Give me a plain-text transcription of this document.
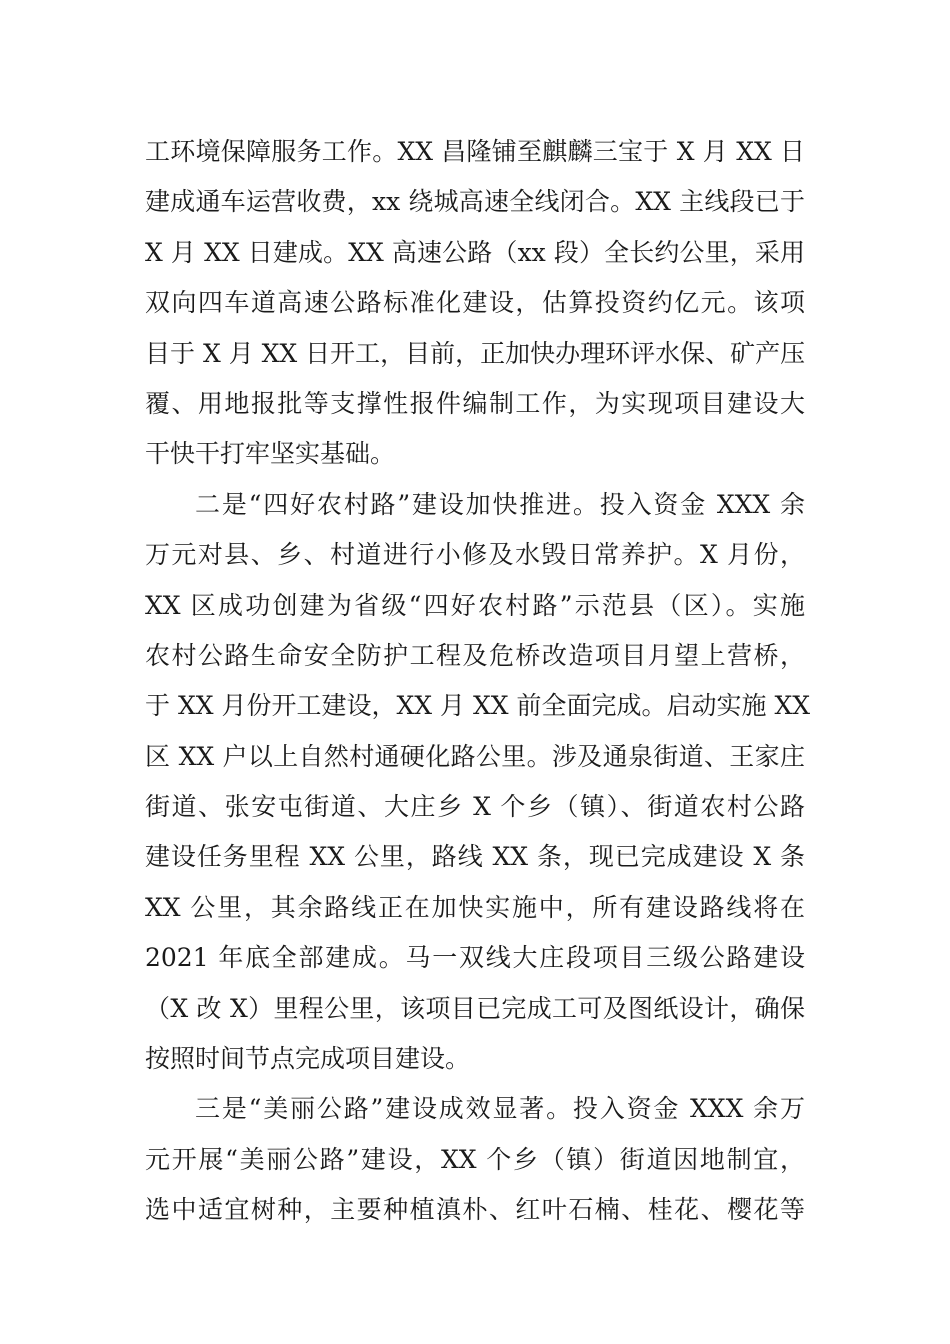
工环境保障服务工作。XX 昌隆铺至麒麟三宝于 X 月 XX 日
建成通车运营收费，xx 绕城高速全线闭合。XX 主线段已于
X 月 XX 日建成。XX 高速公路（xx 段）全长约公里，采用
双向四车道高速公路标准化建设，估算投资约亿元。该项
目于 X 月 XX 日开工，目前，正加快办理环评水保、矿产压
覆、用地报批等支撑性报件编制工作，为实现项目建设大
干快干打牢坚实基础。
二是“四好农村路”建设加快推进。投入资金 XXX 余
万元对县、乡、村道进行小修及水毁日常养护。X 月份，
XX 区成功创建为省级“四好农村路”示范县（区）。实施
农村公路生命安全防护工程及危桥改造项目月望上营桥，
于 XX 月份开工建设，XX 月 XX 前全面完成。启动实施 XX
区 XX 户以上自然村通硬化路公里。涉及通泉街道、王家庄
街道、张安屯街道、大庄乡 X 个乡（镇）、街道农村公路
建设任务里程 XX 公里，路线 XX 条，现已完成建设 X 条
XX 公里，其余路线正在加快实施中，所有建设路线将在
2021 年底全部建成。马一双线大庄段项目三级公路建设
（X 改 X）里程公里，该项目已完成工可及图纸设计，确保
按照时间节点完成项目建设。
三是“美丽公路”建设成效显著。投入资金 XXX 余万
元开展“美丽公路”建设，XX 个乡（镇）街道因地制宜，
选中适宜树种，主要种植滇朴、红叶石楠、桂花、樱花等
